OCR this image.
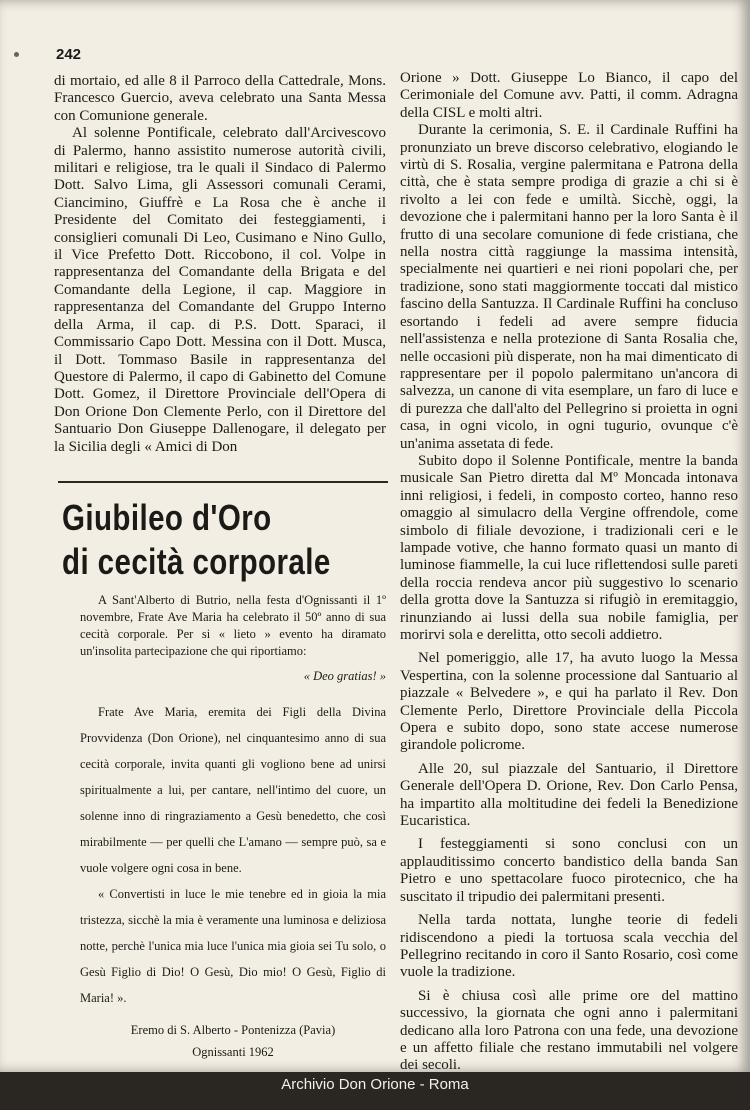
242

di mortaio, ed alle 8 il Parroco della Cattedrale, Mons. Francesco Guercio, aveva celebrato una Santa Messa con Comunione generale.

Al solenne Pontificale, celebrato dall'Arcivescovo di Palermo, hanno assistito numerose autorità civili, militari e religiose, tra le quali il Sindaco di Palermo Dott. Salvo Lima, gli Assessori comunali Cerami, Ciancimino, Giuffrè e La Rosa che è anche il Presidente del Comitato dei festeggiamenti, i consiglieri comunali Di Leo, Cusimano e Nino Gullo, il Vice Prefetto Dott. Riccobono, il col. Volpe in rappresentanza del Comandante della Brigata e del Comandante della Legione, il cap. Maggiore in rappresentanza del Comandante del Gruppo Interno della Arma, il cap. di P.S. Dott. Sparaci, il Commissario Capo Dott. Messina con il Dott. Musca, il Dott. Tommaso Basile in rappresentanza del Questore di Palermo, il capo di Gabinetto del Comune Dott. Gomez, il Direttore Provinciale dell'Opera di Don Orione Don Clemente Perlo, con il Direttore del Santuario Don Giuseppe Dallenogare, il delegato per la Sicilia degli « Amici di Don

Giubileo d'Oro
di cecità corporale

A Sant'Alberto di Butrio, nella festa d'Ognissanti il 1º novembre, Frate Ave Maria ha celebrato il 50º anno di sua cecità corporale. Per si « lieto » evento ha diramato un'insolita partecipazione che qui riportiamo:

« Deo gratias! »

Frate Ave Maria, eremita dei Figli della Divina Provvidenza (Don Orione), nel cinquantesimo anno di sua cecità corporale, invita quanti gli vogliono bene ad unirsi spiritualmente a lui, per cantare, nell'intimo del cuore, un solenne inno di ringraziamento a Gesù benedetto, che così mirabilmente — per quelli che L'amano — sempre può, sa e vuole volgere ogni cosa in bene.

« Convertisti in luce le mie tenebre ed in gioia la mia tristezza, sicchè la mia è veramente una luminosa e deliziosa notte, perchè l'unica mia luce l'unica mia gioia sei Tu solo, o Gesù Figlio di Dio! O Gesù, Dio mio! O Gesù, Figlio di Maria! ».

Eremo di S. Alberto - Pontenizza (Pavia)

Ognissanti 1962

Orione » Dott. Giuseppe Lo Bianco, il capo del Cerimoniale del Comune avv. Patti, il comm. Adragna della CISL e molti altri.

Durante la cerimonia, S. E. il Cardinale Ruffini ha pronunziato un breve discorso celebrativo, elogiando le virtù di S. Rosalia, vergine palermitana e Patrona della città, che è stata sempre prodiga di grazie a chi si è rivolto a lei con fede e umiltà. Sicchè, oggi, la devozione che i palermitani hanno per la loro Santa è il frutto di una secolare comunione di fede cristiana, che nella nostra città raggiunge la massima intensità, specialmente nei quartieri e nei rioni popolari che, per tradizione, sono stati maggiormente toccati dal mistico fascino della Santuzza. Il Cardinale Ruffini ha concluso esortando i fedeli ad avere sempre fiducia nell'assistenza e nella protezione di Santa Rosalia che, nelle occasioni più disperate, non ha mai dimenticato di rappresentare per il popolo palermitano un'ancora di salvezza, un canone di vita esemplare, un faro di luce e di purezza che dall'alto del Pellegrino si proietta in ogni casa, in ogni vicolo, in ogni tugurio, ovunque c'è un'anima assetata di fede.

Subito dopo il Solenne Pontificale, mentre la banda musicale San Pietro diretta dal Mº Moncada intonava inni religiosi, i fedeli, in composto corteo, hanno reso omaggio al simulacro della Vergine offrendole, come simbolo di filiale devozione, i tradizionali ceri e le lampade votive, che hanno formato quasi un manto di luminose fiammelle, la cui luce riflettendosi sulle pareti della roccia rendeva ancor più suggestivo lo scenario della grotta dove la Santuzza si rifugiò in eremitaggio, rinunziando ai lussi della sua nobile famiglia, per morirvi sola e derelitta, otto secoli addietro.

Nel pomeriggio, alle 17, ha avuto luogo la Messa Vespertina, con la solenne processione dal Santuario al piazzale « Belvedere », e qui ha parlato il Rev. Don Clemente Perlo, Direttore Provinciale della Piccola Opera e subito dopo, sono state accese numerose girandole policrome.

Alle 20, sul piazzale del Santuario, il Direttore Generale dell'Opera D. Orione, Rev. Don Carlo Pensa, ha impartito alla moltitudine dei fedeli la Benedizione Eucaristica.

I festeggiamenti si sono conclusi con un applauditissimo concerto bandistico della banda San Pietro e uno spettacolare fuoco pirotecnico, che ha suscitato il tripudio dei palermitani presenti.

Nella tarda nottata, lunghe teorie di fedeli ridiscendono a piedi la tortuosa scala vecchia del Pellegrino recitando in coro il Santo Rosario, così come vuole la tradizione.

Si è chiusa così alle prime ore del mattino successivo, la giornata che ogni anno i palermitani dedicano alla loro Patrona con una fede, una devozione e un affetto filiale che restano immutabili nel volgere dei secoli.

Archivio Don Orione - Roma
